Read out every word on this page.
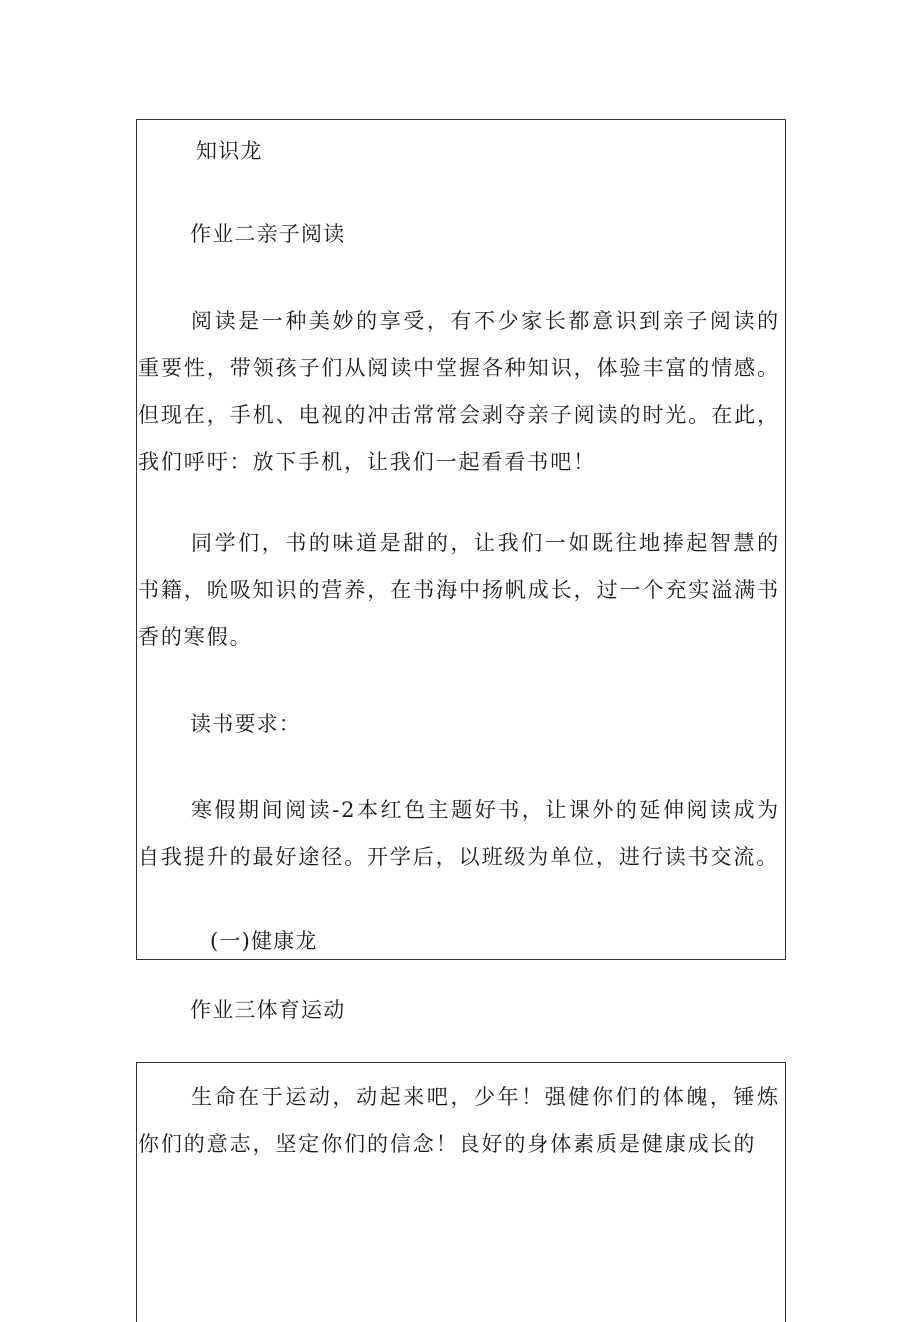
知识龙
作业二亲子阅读

阅读是一种美妙的享受，有不少家长都意识到亲子阅读的重要性，带领孩子们从阅读中堂握各种知识，体验丰富的情感。但现在，手机、电视的冲击常常会剥夺亲子阅读的时光。在此，我们呼吁：放下手机，让我们一起看看书吧！

同学们，书的味道是甜的，让我们一如既往地捧起智慧的书籍，吮吸知识的营养，在书海中扬帆成长，过一个充实溢满书香的寒假。

读书要求：

寒假期间阅读-2本红色主题好书，让课外的延伸阅读成为自我提升的最好途径。开学后，以班级为单位，进行读书交流。

(一)健康龙
作业三体育运动

生命在于运动，动起来吧，少年！强健你们的体魄，锤炼你们的意志，坚定你们的信念！良好的身体素质是健康成长的
